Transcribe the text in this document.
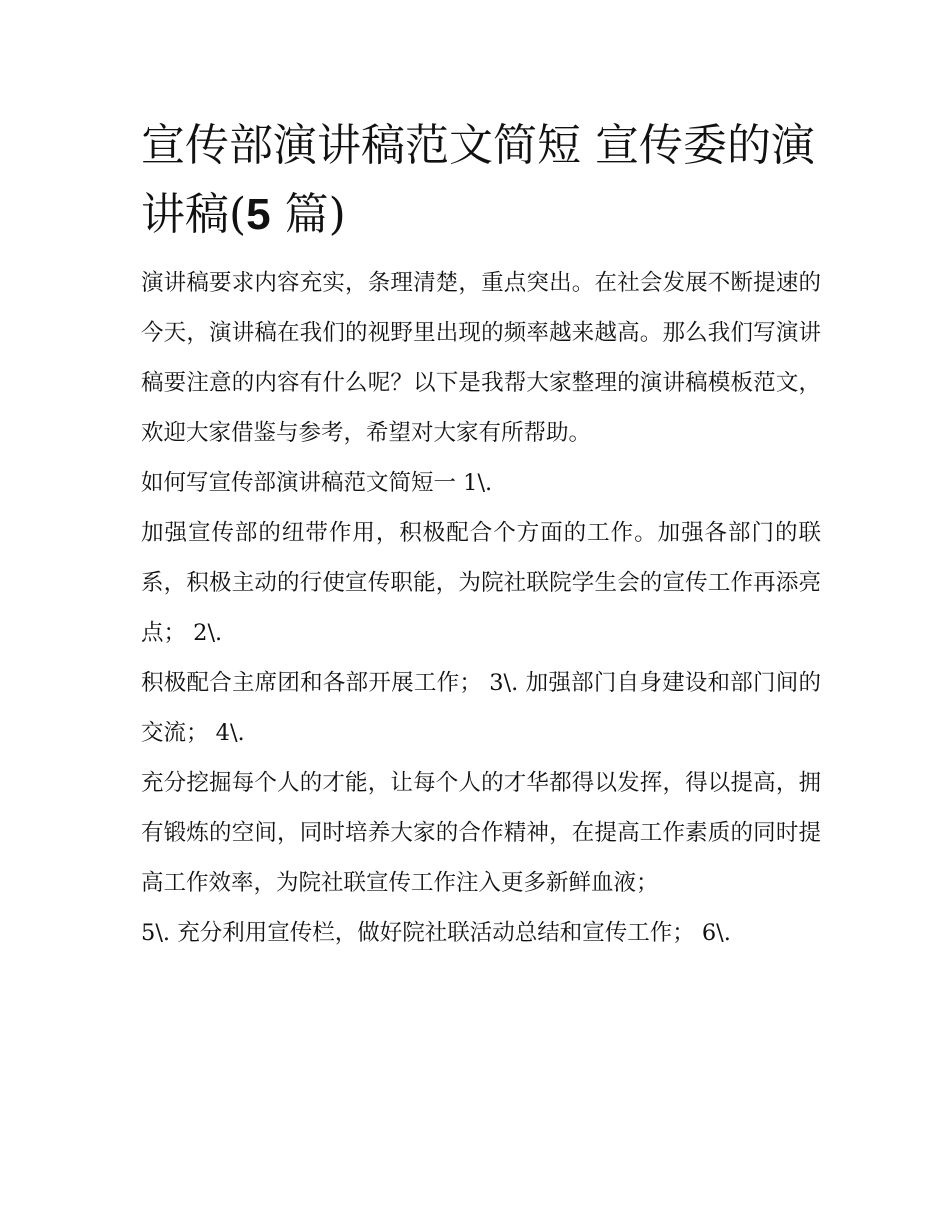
宣传部演讲稿范文简短 宣传委的演讲稿(5 篇)

演讲稿要求内容充实，条理清楚，重点突出。在社会发展不断提速的今天，演讲稿在我们的视野里出现的频率越来越高。那么我们写演讲稿要注意的内容有什么呢？以下是我帮大家整理的演讲稿模板范文，欢迎大家借鉴与参考，希望对大家有所帮助。

如何写宣传部演讲稿范文简短一 1\.

加强宣传部的纽带作用，积极配合个方面的工作。加强各部门的联系，积极主动的行使宣传职能，为院社联院学生会的宣传工作再添亮点； 2\.

积极配合主席团和各部开展工作； 3\. 加强部门自身建设和部门间的交流； 4\.

充分挖掘每个人的才能，让每个人的才华都得以发挥，得以提高，拥有锻炼的空间，同时培养大家的合作精神，在提高工作素质的同时提高工作效率，为院社联宣传工作注入更多新鲜血液；

5\. 充分利用宣传栏，做好院社联活动总结和宣传工作； 6\.
